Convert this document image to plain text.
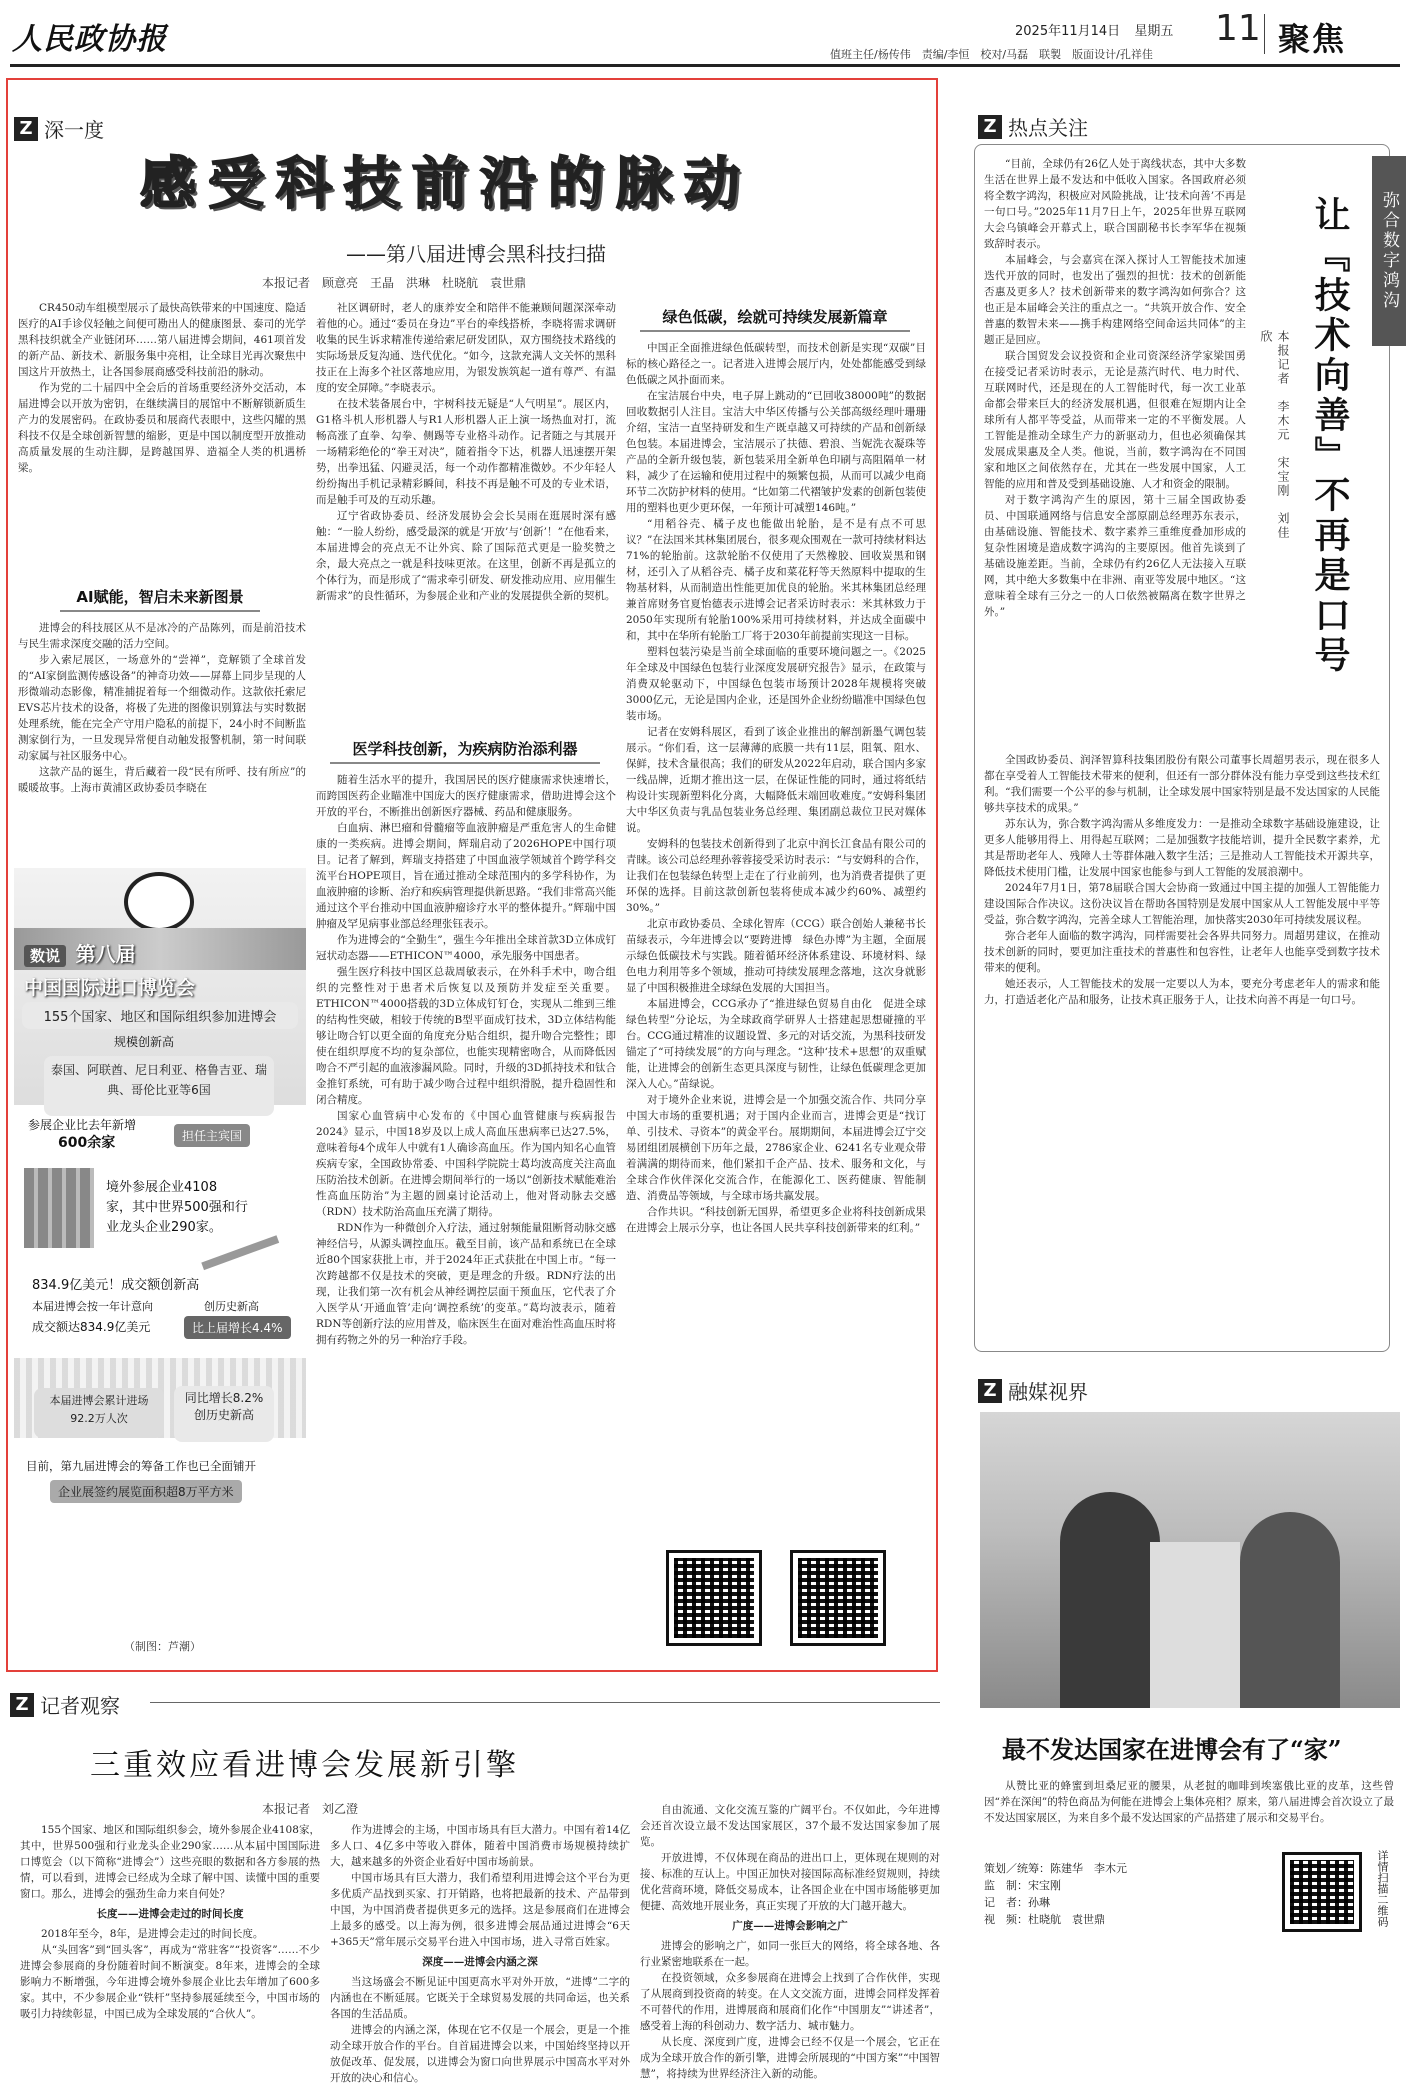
人民政协报	2025年11月14日 星期五 11 聚焦
值班主任/杨传伟　责编/李恒　校对/马磊　联製　版面设计/孔祥佳
Z 深一度
感受科技前沿的脉动
——第八届进博会黑科技扫描
本报记者　顾意亮　王晶　洪琳　杜晓航　袁世鼎

CR450动车组模型展示了最快高铁带来的中国速度、隐适医疗的AI手诊仪轻触之间便可勘出人的健康图景、泰司的光学黑科技织就全产业链闭环……第八届进博会期间，461项首发的新产品、新技术、新服务集中亮相，让全球目光再次聚焦中国这片开放热土，让各国参展商感受科技前沿的脉动。

作为党的二十届四中全会后的首场重要经济外交活动，本届进博会以开放为密钥，在继续满目的展馆中不断解锁新质生产力的发展密码。在政协委员和展商代表眼中，这些闪耀的黑科技不仅是全球创新智慧的缩影，更是中国以制度型开放推动高质量发展的生动注脚，是跨越国界、造福全人类的机遇桥梁。

AI赋能，智启未来新图景

进博会的科技展区从不是冰冷的产品陈列，而是前沿技术与民生需求深度交融的活力空间。

步入索尼展区，一场意外的“尝禅”，竞解锁了全球首发的“AI家倒监测传感设备”的神奇功效——屏幕上同步呈现的人形微端动态影像，精准捕捉着每一个细微动作。这款依托索尼EVS芯片技术的设备，将极了先进的图像识别算法与实时数据处理系统，能在完全产守用户隐私的前提下，24小时不间断监测家倒行为，一旦发现异常便自动触发报警机制，第一时间联动家属与社区服务中心。

这款产品的诞生，背后藏着一段“民有所呼、技有所应”的暖暖故事。上海市黄浦区政协委员李晓在

数说 第八届
中国国际进口博览会
155个国家、地区和国际组织参加进博会
规模创新高
泰国、阿联酋、尼日利亚、格鲁吉亚、瑞典、哥伦比亚等6国
担任主宾国
参展企业比去年新增
600余家
境外参展企业4108
家，其中世界500强和行
业龙头企业290家。
834.9亿美元！成交额创新高
本届进博会按一年计意向	创历史新高
成交额达834.9亿美元	比上届增长4.4%
本届进博会累计进场92.2万人次
同比增长8.2%
创历史新高
目前，第九届进博会的筹备工作也已全面铺开
企业展签约展览面积超8万平方米
（制图：芦潮）

社区调研时，老人的康养安全和陪伴不能兼顾间题深深牵动着他的心。通过“委员在身边”平台的牵线搭桥，李晓将需求调研收集的民生诉求精准传递给索尼研发团队，双方围绕技术路线的实际场景反复沟通、迭代优化。“如今，这款充满人文关怀的黑科技正在上海多个社区落地应用，为银发族筑起一道有尊严、有温度的安全屏障。”李晓表示。

在技术装备展台中，宇树科技无疑是“人气明星”。展区内，G1格斗机人形机器人与R1人形机器人正上演一场热血对打，流畅高涨了直拳、勾拳、侧踢等专业格斗动作。记者随之与其展开一场精彩绝伦的“拳王对决”，随着指令下达，机器人迅速摆开架势，出拳迅猛、闪避灵活，每一个动作都精准微妙。不少年轻人纷纷掏出手机记录精彩瞬间，科技不再是触不可及的专业术语，而是触手可及的互动乐趣。

辽宁省政协委员、经济发展协会会长吴雨在逛展时深有感触：“一脸人纷纷，感受最深的就是‘开放’与‘创新’！”在他看来，本届进博会的亮点无不让外宾、除了国际范式更是一脸奖赞之余，最大亮点之一就是科技味更浓。在这里，创新不再是孤立的个体行为，而是形成了“需求牵引研发、研发推动应用、应用催生新需求”的良性循环，为参展企业和产业的发展提供全新的契机。

医学科技创新，为疾病防治添利器

随着生活水平的提升，我国居民的医疗健康需求快速增长，而跨国医药企业瞄准中国庞大的医疗健康需求，借助进博会这个开放的平台，不断推出创新医疗器械、药品和健康服务。

白血病、淋巴瘤和骨髓瘤等血液肿瘤是严重危害人的生命健康的一类疾病。进博会期间，辉瑞启动了2026HOPE中国行项目。记者了解到，辉瑞支持搭建了中国血液学领域首个跨学科交流平台HOPE项目，旨在通过推动全球范围内的多学科协作，为血液肿瘤的诊断、治疗和疾病管理提供新思路。“我们非常高兴能通过这个平台推动中国血液肿瘤诊疗水平的整体提升。”辉瑞中国肿瘤及罕见病事业部总经理张钰表示。

作为进博会的“全勤生”，强生今年推出全球首款3D立体成钉冠状动态器——ETHICON™4000，承先服务中国患者。

强生医疗科技中国区总裁周敏表示，在外科手术中，吻合组织的完整性对于患者术后恢复以及预防并发症至关重要。ETHICON™4000搭载的3D立体成钉钉仓，实现从二维到三维的结构性突破，相较于传统的B型平面成钉技术，3D立体结构能够让吻合钉以更全面的角度充分贴合组织，提升吻合完整性；即使在组织厚度不均的复杂部位，也能实现精密吻合，从而降低因吻合不严引起的血液渗漏风险。同时，升级的3D抓持技术和钛合金推钉系统，可有助于减少吻合过程中组织滑脱，提升稳固性和闭合精度。

国家心血管病中心发布的《中国心血管健康与疾病报告2024》显示，中国18岁及以上成人高血压患病率已达27.5%，意味着每4个成年人中就有1人确诊高血压。作为国内知名心血管疾病专家，全国政协常委、中国科学院院士葛均波高度关注高血压防治技术创新。在进博会期间举行的一场以“创新技术赋能难治性高血压防治”为主题的圆桌讨论活动上，他对肾动脉去交感（RDN）技术防治高血压充满了期待。

RDN作为一种微创介入疗法，通过射频能量阻断肾动脉交感神经信号，从源头调控血压。截至目前，该产品和系统已在全球近80个国家获批上市，并于2024年正式获批在中国上市。“每一次跨越都不仅是技术的突破，更是理念的升级。RDN疗法的出现，让我们第一次有机会从神经调控层面干预血压，它代表了介入医学从‘开通血管’走向‘调控系统’的变革。”葛均波表示，随着RDN等创新疗法的应用普及，临床医生在面对难治性高血压时将拥有药物之外的另一种治疗手段。

绿色低碳，绘就可持续发展新篇章

中国正全面推进绿色低碳转型，而技术创新是实现“双碳”目标的核心路径之一。记者进入进博会展厅内，处处都能感受到绿色低碳之风扑面而来。

在宝洁展台中央，电子屏上跳动的“已回收38000吨”的数据回收数据引人注目。宝洁大中华区传播与公关部高级经理叶珊珊介绍，宝洁一直坚持研发和生产既卓越又可持续的产品和创新绿色包装。本届进博会，宝洁展示了扶德、碧浪、当妮洗衣凝珠等产品的全新升级包装，新包装采用全新单色印刷与高阻隔单一材料，减少了在运输和使用过程中的频繁包损，从而可以减少电商环节二次防护材料的使用。“比如第二代褶皱护发素的创新包装使用的塑料也更少更环保，一年预计可减塑146吨。”

“用稻谷壳、橘子皮也能做出轮胎，是不是有点不可思议？”在法国米其林集团展台，很多观众围观在一款可持续材料达71%的轮胎前。这款轮胎不仅使用了天然橡胶、回收炭黑和钢材，还引入了从稻谷壳、橘子皮和菜花籽等天然原料中提取的生物基材料，从而制造出性能更加优良的轮胎。米其林集团总经理兼首席财务官夏怡德表示进博会记者采访时表示：米其林致力于2050年实现所有轮胎100%采用可持续材料，并达成全面碳中和，其中在华所有轮胎工厂将于2030年前提前实现这一目标。

塑料包装污染是当前全球面临的重要环境问题之一。《2025年全球及中国绿色包装行业深度发展研究报告》显示，在政策与消费双轮驱动下，中国绿色包装市场预计2028年规模将突破3000亿元，无论是国内企业，还是国外企业纷纷瞄准中国绿色包装市场。

记者在安姆科展区，看到了该企业推出的解剖新墨气调包装展示。“你们看，这一层薄薄的底膜一共有11层，阻氧、阻水、保鲜，技术含量很高；我们的研发从2022年启动，联合国内多家一线品牌，近期才推出这一层，在保证性能的同时，通过将纸结构设计实现新塑料化分离，大幅降低末端回收难度。”安姆科集团大中华区负责与乳品包装业务总经理、集团副总裁位卫民对媒体说。

安姆科的包装技术创新得到了北京中润长江食品有限公司的青睐。该公司总经理孙蓉蓉接受采访时表示：“与安姆科的合作，让我们在包装绿色转型上走在了行业前列，也为消费者提供了更环保的选择。目前这款创新包装将使成本减少约60%、减塑约30%。”

北京市政协委员、全球化智库（CCG）联合创始人兼秘书长苗绿表示，今年进博会以“要跨进博　绿色办博”为主题，全面展示绿色低碳技术与实践。随着循环经济体系建设、环境材料、绿色电力利用等多个领域，推动可持续发展理念落地，这次身就影显了中国积极推进全球绿色发展的大国担当。

本届进博会，CCG承办了“推进绿色贸易自由化　促进全球绿色转型”分论坛，为全球政商学研界人士搭建起思想碰撞的平台。CCG通过精准的议题设置、多元的对话交流，为黑科技研发锚定了“可持续发展”的方向与理念。“这种‘技术+思想’的双重赋能，让进博会的创新生态更具深度与韧性，让绿色低碳理念更加深入人心。”苗绿说。

对于境外企业来说，进博会是一个加强交流合作、共同分享中国大市场的重要机遇；对于国内企业而言，进博会更是“找订单、引技术、寻资本”的黄金平台。展期期间，本届进博会辽宁交易团组团展横创下历年之最，2786家企业、6241名专业观众带着满满的期待而来，他们紧扣千企产品、技术、服务和文化，与全球合作伙伴深化交流合作，在能源化工、医药健康、智能制造、消费品等领域，与全球市场共赢发展。

合作共识。“科技创新无国界，希望更多企业将科技创新成果在进博会上展示分享，也让各国人民共享科技创新带来的红利。”

Z 热点关注
弥合数字鸿沟
让『技术向善』不再是口号
本报记者　李木元　宋宝刚　刘佳欣

“目前，全球仍有26亿人处于离线状态，其中大多数生活在世界上最不发达和中低收入国家。各国政府必须将全数字鸿沟，积极应对风险挑战，让‘技术向善’不再是一句口号。”2025年11月7日上午，2025年世界互联网大会乌镇峰会开幕式上，联合国副秘书长李军华在视频致辞时表示。

本届峰会，与会嘉宾在深入探讨人工智能技术加速迭代开放的同时，也发出了强烈的担忧：技术的创新能否惠及更多人？技术创新带来的数字鸿沟如何弥合？这也正是本届峰会关注的重点之一。“共筑开放合作、安全普惠的数智未来——携手构建网络空间命运共同体”的主题正是回应。

联合国贸发会议投资和企业司资深经济学家梁国勇在接受记者采访时表示，无论是蒸汽时代、电力时代、互联网时代，还是现在的人工智能时代，每一次工业革命都会带来巨大的经济发展机遇，但很难在短期内让全球所有人都平等受益，从而带来一定的不平衡发展。人工智能是推动全球生产力的新驱动力，但也必须确保其发展成果惠及全人类。他说，当前，数字鸿沟在不同国家和地区之间依然存在，尤其在一些发展中国家，人工智能的应用和普及受到基础设施、人才和资金的限制。

对于数字鸿沟产生的原因，第十三届全国政协委员、中国联通网络与信息安全部原副总经理苏东表示，由基础设施、智能技术、数字素养三重维度叠加形成的复杂性困境是造成数字鸿沟的主要原因。他首先谈到了基础设施差距。当前，全球仍有约26亿人无法接入互联网，其中绝大多数集中在非洲、南亚等发展中地区。“这意味着全球有三分之一的人口依然被隔离在数字世界之外。”

全国政协委员、润泽智算科技集团股份有限公司董事长周超男表示，现在很多人都在享受着人工智能技术带来的便利，但还有一部分群体没有能力享受到这些技术红利。“我们需要一个公平的参与机制，让全球发展中国家特别是最不发达国家的人民能够共享技术的成果。”

苏东认为，弥合数字鸿沟需从多维度发力：一是推动全球数字基础设施建设，让更多人能够用得上、用得起互联网；二是加强数字技能培训，提升全民数字素养，尤其是帮助老年人、残障人士等群体融入数字生活；三是推动人工智能技术开源共享，降低技术使用门槛，让发展中国家也能参与到人工智能的发展浪潮中。

2024年7月1日，第78届联合国大会协商一致通过中国主提的加强人工智能能力建设国际合作决议。这份决议旨在帮助各国特别是发展中国家从人工智能发展中平等受益，弥合数字鸿沟，完善全球人工智能治理，加快落实2030年可持续发展议程。

弥合老年人面临的数字鸿沟，同样需要社会各界共同努力。周超男建议，在推动技术创新的同时，要更加注重技术的普惠性和包容性，让老年人也能享受到数字技术带来的便利。

她还表示，人工智能技术的发展一定要以人为本，要充分考虑老年人的需求和能力，打造适老化产品和服务，让技术真正服务于人，让技术向善不再是一句口号。

Z 融媒视界
最不发达国家在进博会有了“家”

从赞比亚的蜂蜜到坦桑尼亚的腰果，从老挝的咖啡到埃塞俄比亚的皮革，这些曾因“养在深闺”的特色商品为何能在进博会上集体亮相？原来，第八届进博会首次设立了最不发达国家展区，为来自多个最不发达国家的产品搭建了展示和交易平台。

详情扫描二维码
Z 记者观察
三重效应看进博会发展新引擎
本报记者　刘乙澄

155个国家、地区和国际组织参会，境外参展企业4108家，其中，世界500强和行业龙头企业290家……从本届中国国际进口博览会（以下简称“进博会”）这些亮眼的数据和各方参展的热情，可以看到，进博会已经成为全球了解中国、读懂中国的重要窗口。那么，进博会的强劲生命力来自何处？

长度——进博会走过的时间长度

2018年至今，8年，是进博会走过的时间长度。

从“头回客”到“回头客”，再成为“常驻客”“投资客”……不少进博会参展商的身份随着时间不断演变。8年来，进博会的全球影响力不断增强，今年进博会境外参展企业比去年增加了600多家。其中，不少参展企业“铁杆”坚持参展延续至今，中国市场的吸引力持续彰显，中国已成为全球发展的“合伙人”。

作为进博会的主场，中国市场具有巨大潜力。中国有着14亿多人口、4亿多中等收入群体，随着中国消费市场规模持续扩大，越来越多的外资企业看好中国市场前景。

中国市场具有巨大潜力，我们希望利用进博会这个平台为更多优质产品找到买家、打开销路，也将把最新的技术、产品带到中国，为中国消费者提供更多元的选择。这是参展商们在进博会上最多的感受。以上海为例，很多进博会展品通过进博会“6天+365天”常年展示交易平台进入中国市场，进入寻常百姓家。

深度——进博会内涵之深

当这场盛会不断见证中国更高水平对外开放，“进博”二字的内涵也在不断延展。它既关于全球贸易发展的共同命运，也关系各国的生活品质。

进博会的内涵之深，体现在它不仅是一个展会，更是一个推动全球开放合作的平台。自首届进博会以来，中国始终坚持以开放促改革、促发展，以进博会为窗口向世界展示中国高水平对外开放的决心和信心。

自由流通、文化交流互鉴的广阔平台。不仅如此，今年进博会还首次设立最不发达国家展区，37个最不发达国家参加了展览。

开放进博，不仅体现在商品的进出口上，更体现在规则的对接、标准的互认上。中国正加快对接国际高标准经贸规则，持续优化营商环境，降低交易成本，让各国企业在中国市场能够更加便捷、高效地开展业务，真正实现了开放的大门越开越大。

广度——进博会影响之广

进博会的影响之广，如同一张巨大的网络，将全球各地、各行业紧密地联系在一起。

在投资领域，众多参展商在进博会上找到了合作伙伴，实现了从展商到投资商的转变。在人文交流方面，进博会同样发挥着不可替代的作用，进博展商和展商们化作“中国朋友”“讲述者”，感受着上海的科创动力、数字活力、城市魅力。

从长度、深度到广度，进博会已经不仅是一个展会，它正在成为全球开放合作的新引擎，进博会所展现的“中国方案”“中国智慧”，将持续为世界经济注入新的动能。

策划／统筹：陈建华　李木元
监　制：宋宝刚
记　者：孙琳
视　频：杜晓航　袁世鼎
